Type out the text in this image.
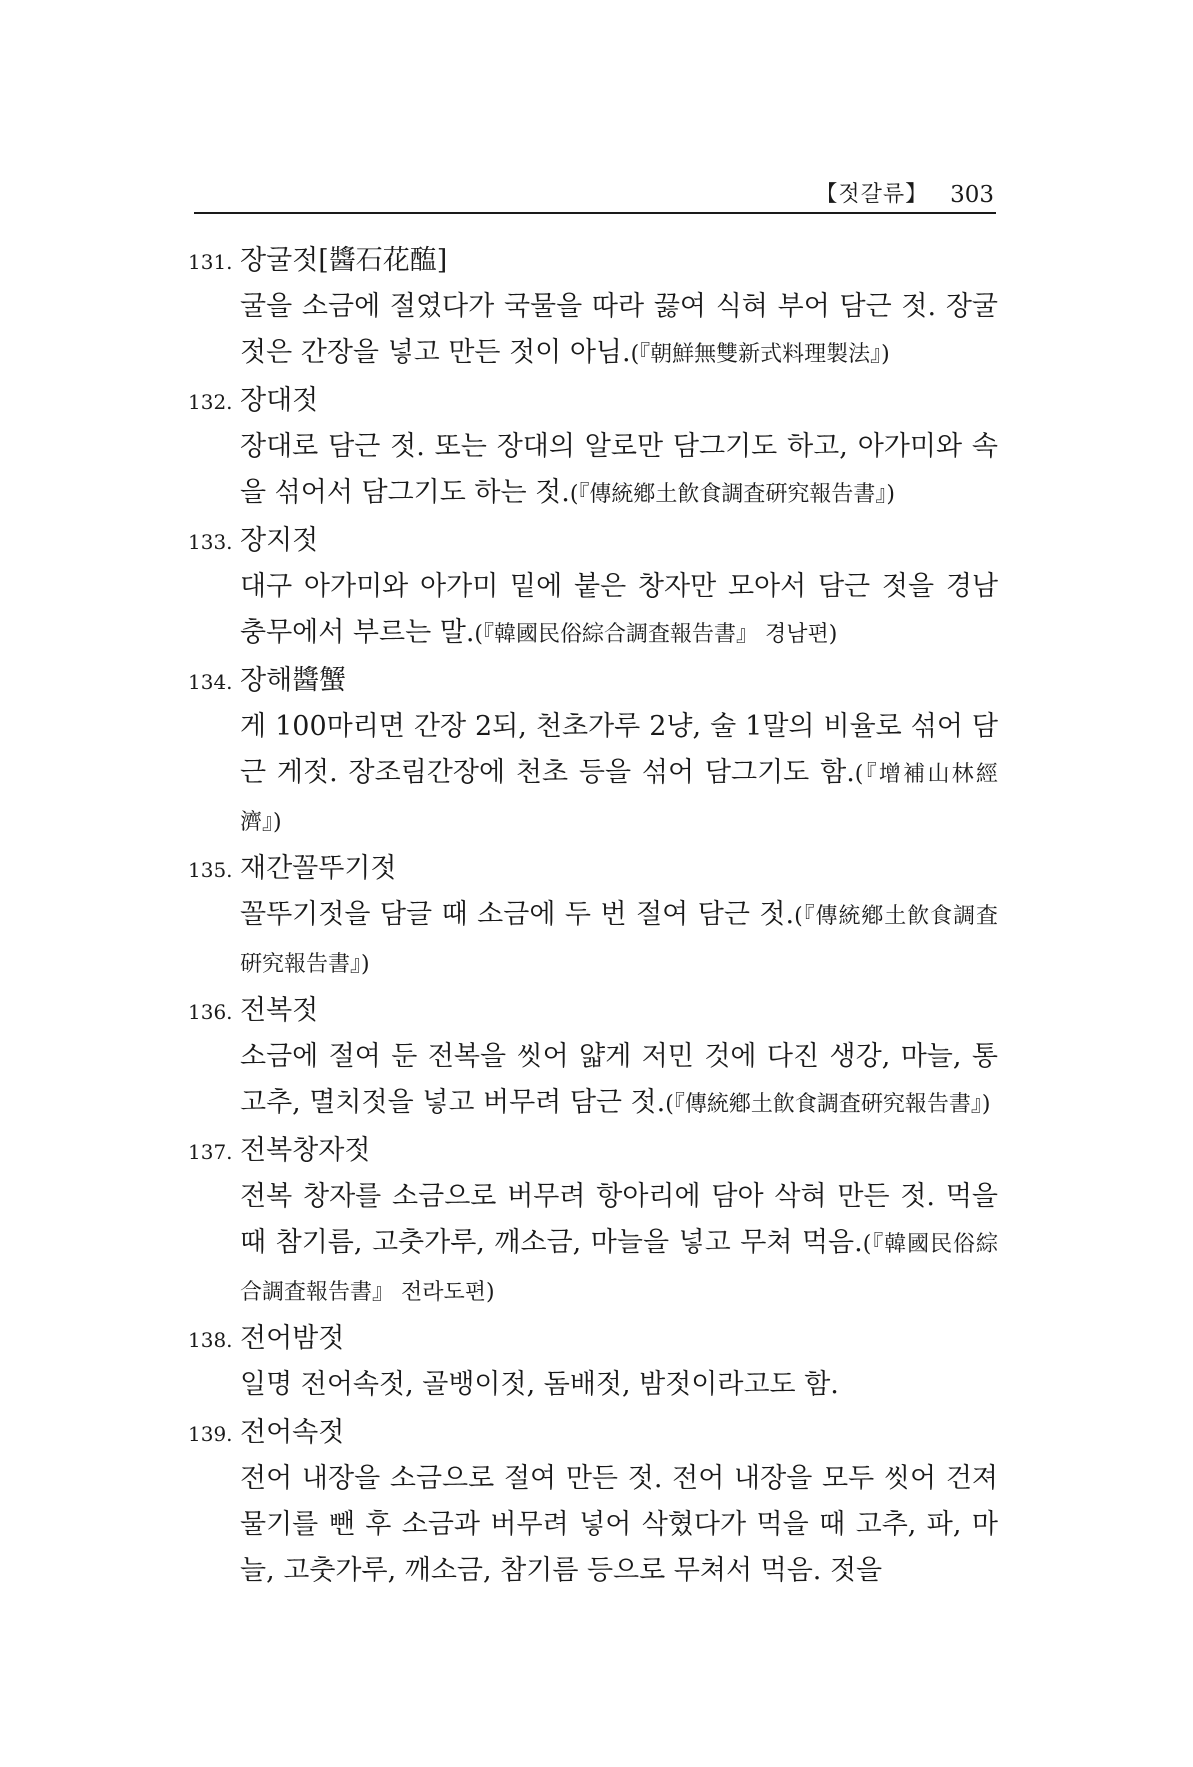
【젓갈류】 303
131. 장굴젓[醬石花醢]
굴을 소금에 절였다가 국물을 따라 끓여 식혀 부어 담근 젓. 장굴젓은 간장을 넣고 만든 젓이 아님.(『朝鮮無雙新式料理製法』)
132. 장대젓
장대로 담근 젓. 또는 장대의 알로만 담그기도 하고, 아가미와 속을 섞어서 담그기도 하는 젓.(『傳統鄕土飮食調査硏究報告書』)
133. 장지젓
대구 아가미와 아가미 밑에 붙은 창자만 모아서 담근 젓을 경남 충무에서 부르는 말.(『韓國民俗綜合調査報告書』 경남편)
134. 장해醬蟹
게 100마리면 간장 2되, 천초가루 2냥, 술 1말의 비율로 섞어 담근 게젓. 장조림간장에 천초 등을 섞어 담그기도 함.(『增補山林經濟』)
135. 재간꼴뚜기젓
꼴뚜기젓을 담글 때 소금에 두 번 절여 담근 젓.(『傳統鄕土飮食調査硏究報告書』)
136. 전복젓
소금에 절여 둔 전복을 씻어 얇게 저민 것에 다진 생강, 마늘, 통고추, 멸치젓을 넣고 버무려 담근 젓.(『傳統鄕土飮食調査硏究報告書』)
137. 전복창자젓
전복 창자를 소금으로 버무려 항아리에 담아 삭혀 만든 젓. 먹을 때 참기름, 고춧가루, 깨소금, 마늘을 넣고 무쳐 먹음.(『韓國民俗綜合調査報告書』 전라도편)
138. 전어밤젓
일명 전어속젓, 골뱅이젓, 돔배젓, 밤젓이라고도 함.
139. 전어속젓
전어 내장을 소금으로 절여 만든 젓. 전어 내장을 모두 씻어 건져 물기를 뺀 후 소금과 버무려 넣어 삭혔다가 먹을 때 고추, 파, 마늘, 고춧가루, 깨소금, 참기름 등으로 무쳐서 먹음. 젓을
